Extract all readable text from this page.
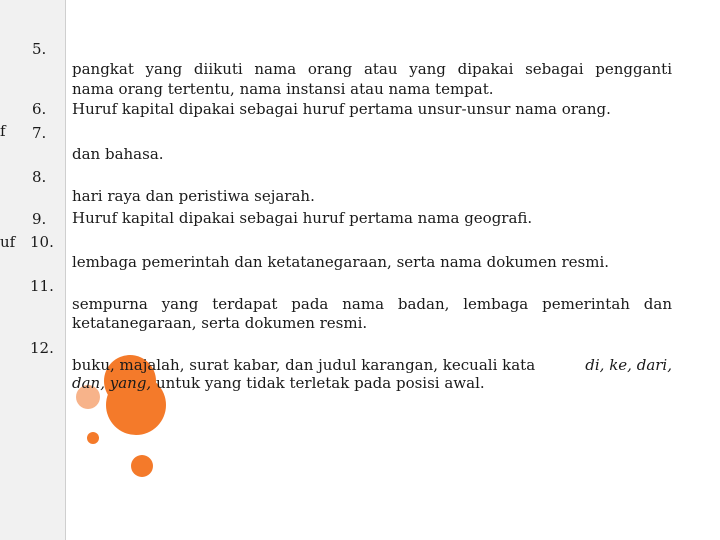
f
uf
5.
6.
7.
8.
9.
10.
11.
12.
pangkat yang diikuti nama orang atau yang dipakai sebagai pengganti
nama orang tertentu, nama instansi atau nama tempat.
Huruf kapital dipakai sebagai huruf pertama unsur-unsur nama orang.
dan bahasa.
hari raya dan peristiwa sejarah.
Huruf kapital dipakai sebagai huruf pertama nama geografi.
lembaga pemerintah dan ketatanegaraan, serta nama dokumen resmi.
sempurna yang terdapat pada nama badan, lembaga pemerintah dan
ketatanegaraan, serta dokumen resmi.
buku, majalah, surat kabar, dan judul karangan, kecuali kata	di, ke, dari,
dan, yang, untuk yang tidak terletak pada posisi awal.
